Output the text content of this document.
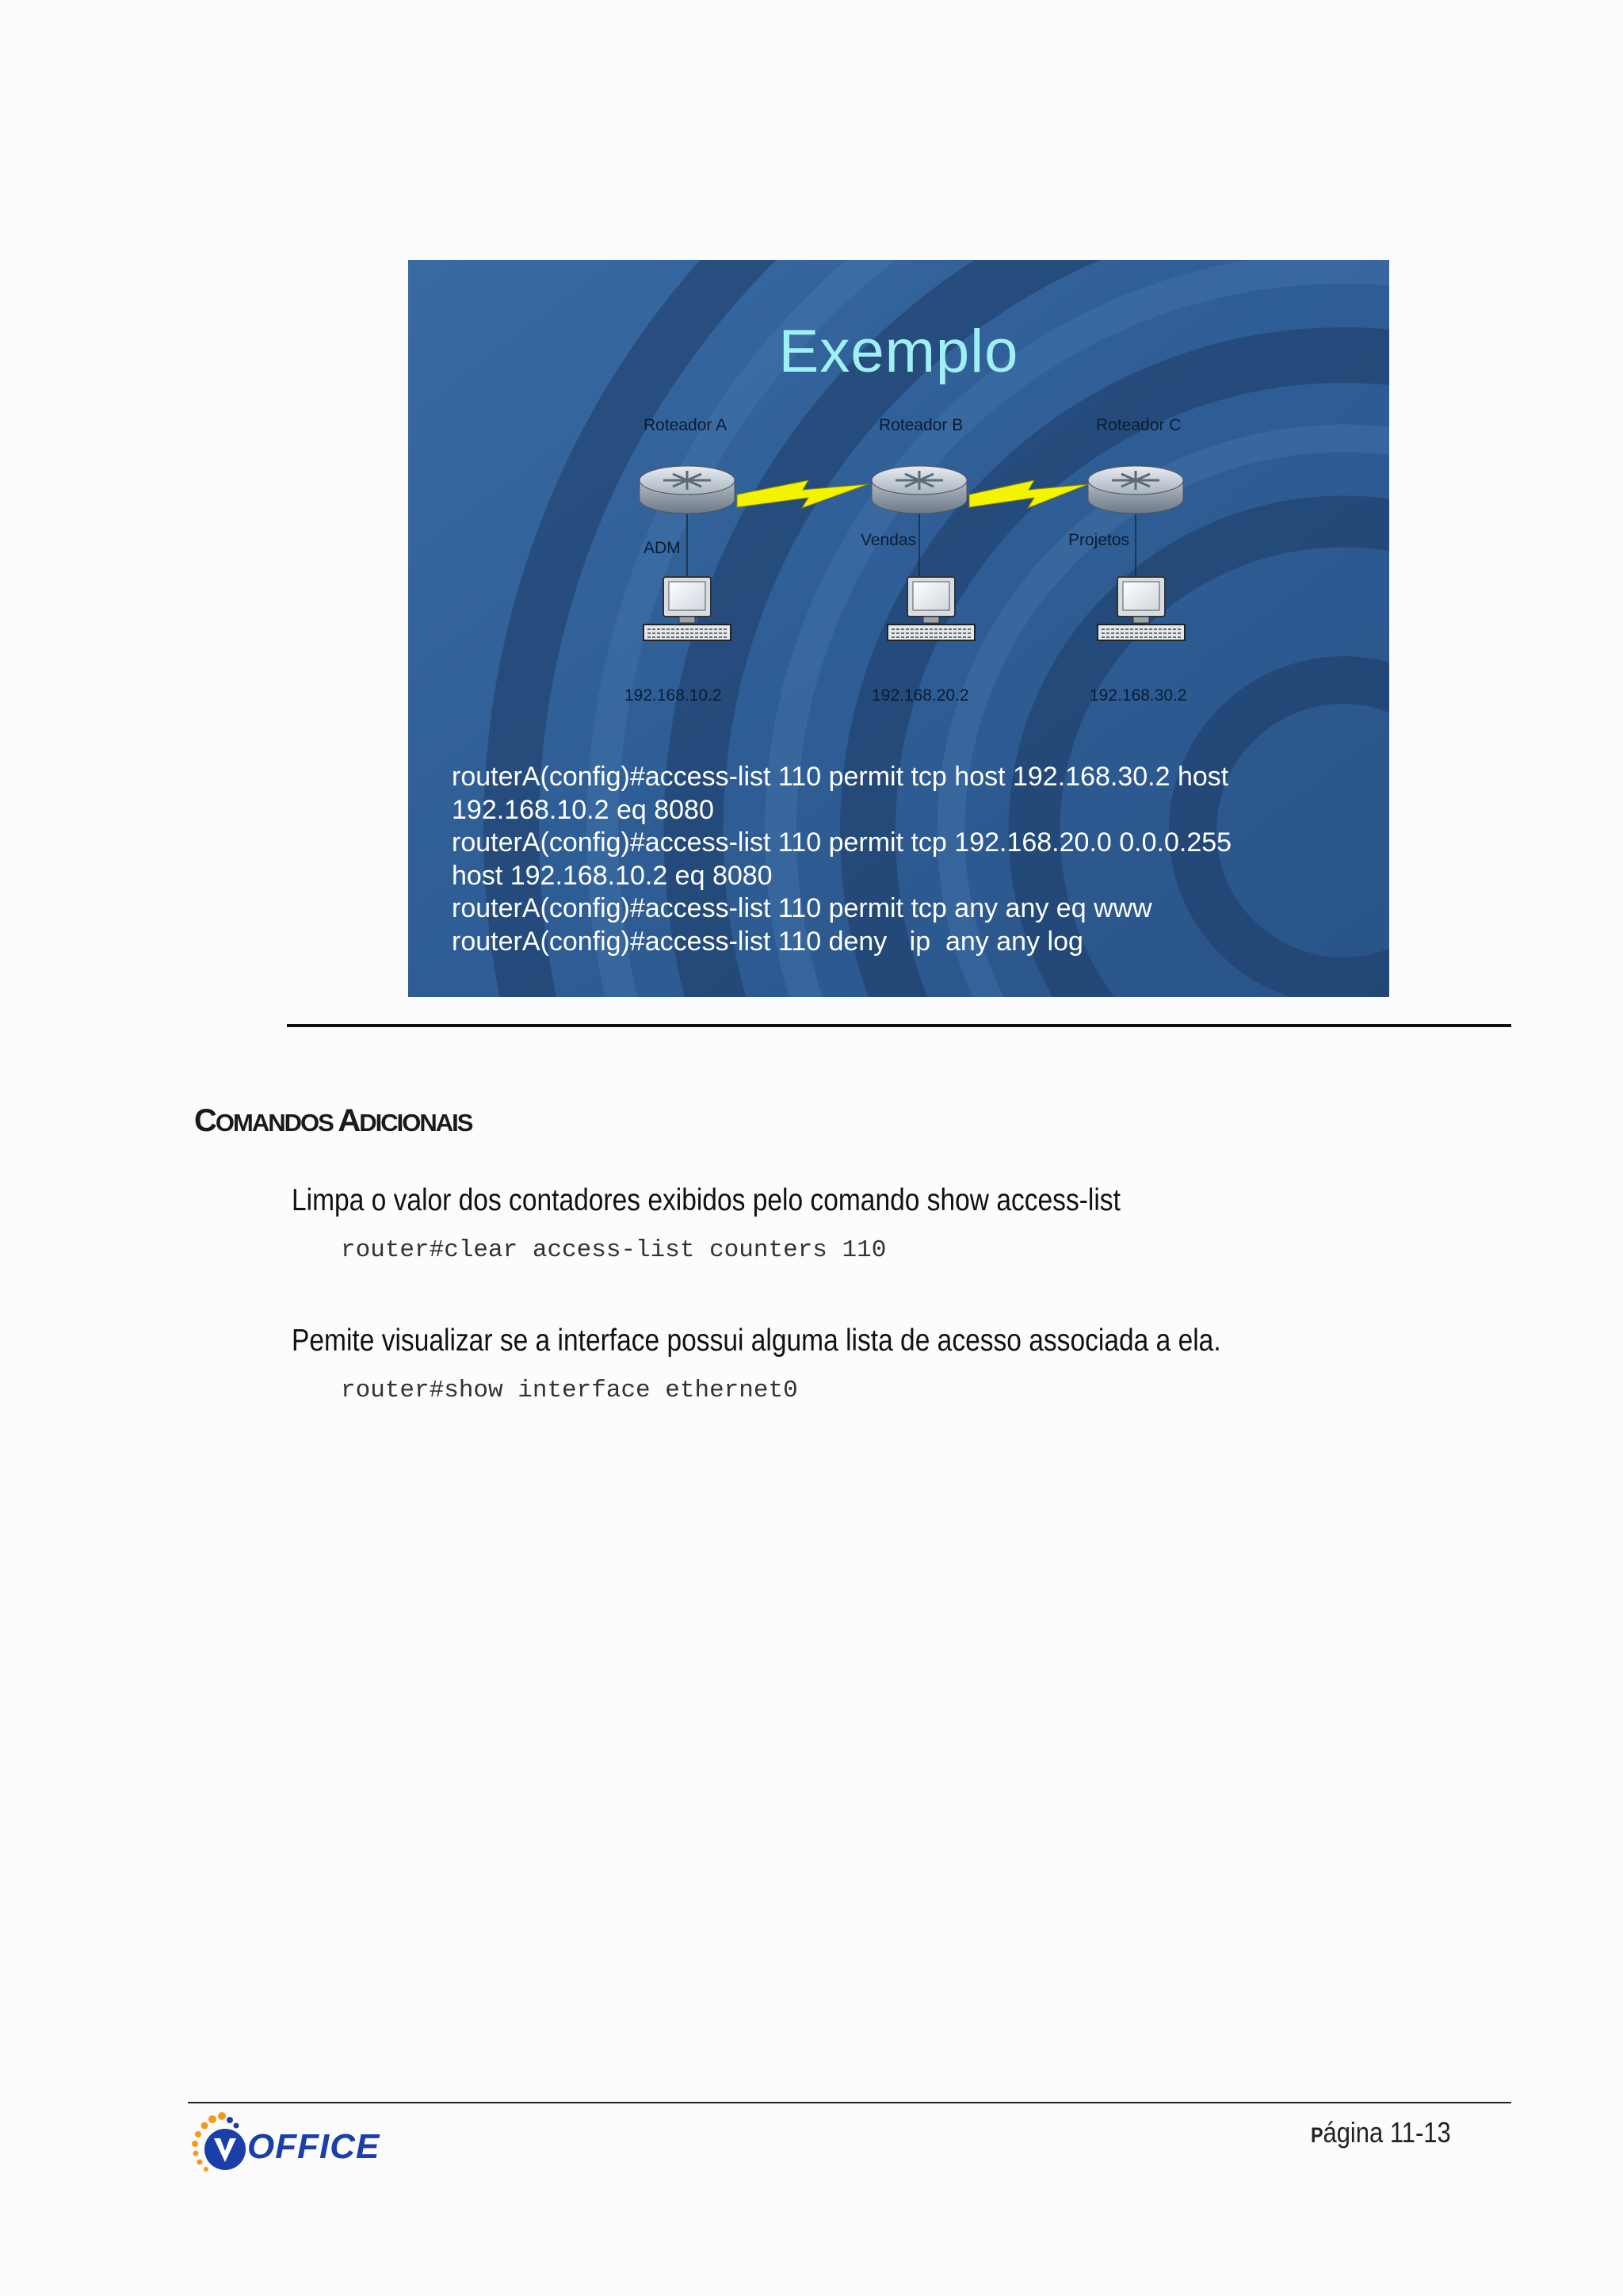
Exemplo
Roteador A	Roteador B	Roteador C
ADM	Vendas	Projetos
192.168.10.2	192.168.20.2	192.168.30.2
routerA(config)#access-list 110 permit tcp host 192.168.30.2 host
192.168.10.2 eq 8080
routerA(config)#access-list 110 permit tcp 192.168.20.0 0.0.0.255
host 192.168.10.2 eq 8080
routerA(config)#access-list 110 permit tcp any any eq www
routerA(config)#access-list 110 deny   ip  any any log
COMANDOS ADICIONAIS
Limpa o valor dos contadores exibidos pelo comando show access-list
router#clear access-list counters 110
Pemite visualizar se a interface possui alguma lista de acesso associada a ela.
router#show interface ethernet0
OFFICE	Página 11-13
